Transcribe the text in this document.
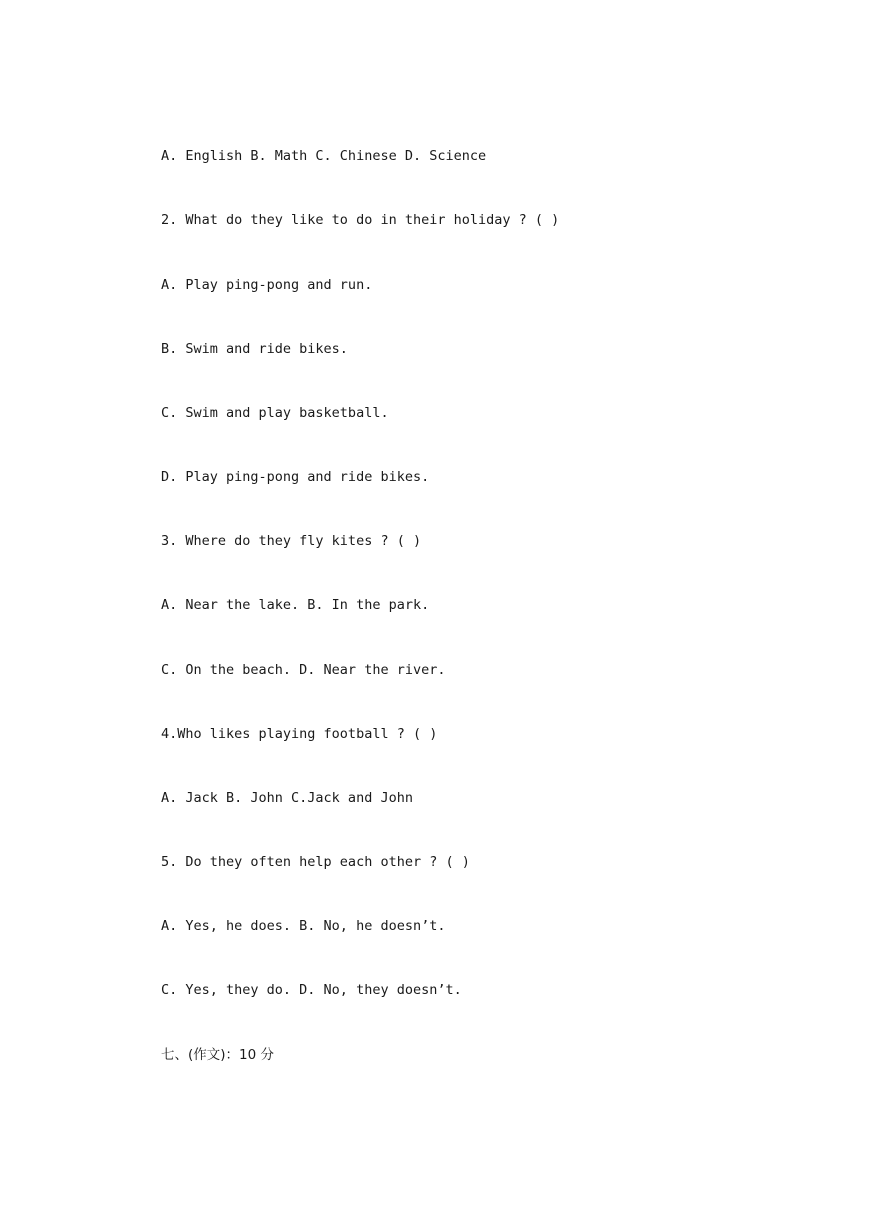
A. English B. Math C. Chinese D. Science
2. What do they like to do in their holiday ? ( )
A. Play ping-pong and run.
B. Swim and ride bikes.
C. Swim and play basketball.
D. Play ping-pong and ride bikes.
3. Where do they fly kites ? ( )
A. Near the lake. B. In the park.
C. On the beach. D. Near the river.
4.Who likes playing football ? ( )
A. Jack B. John C.Jack and John
5. Do they often help each other ? ( )
A. Yes, he does. B. No, he doesn’t.
C. Yes, they do. D. No, they doesn’t.
七、(作文)：10 分
